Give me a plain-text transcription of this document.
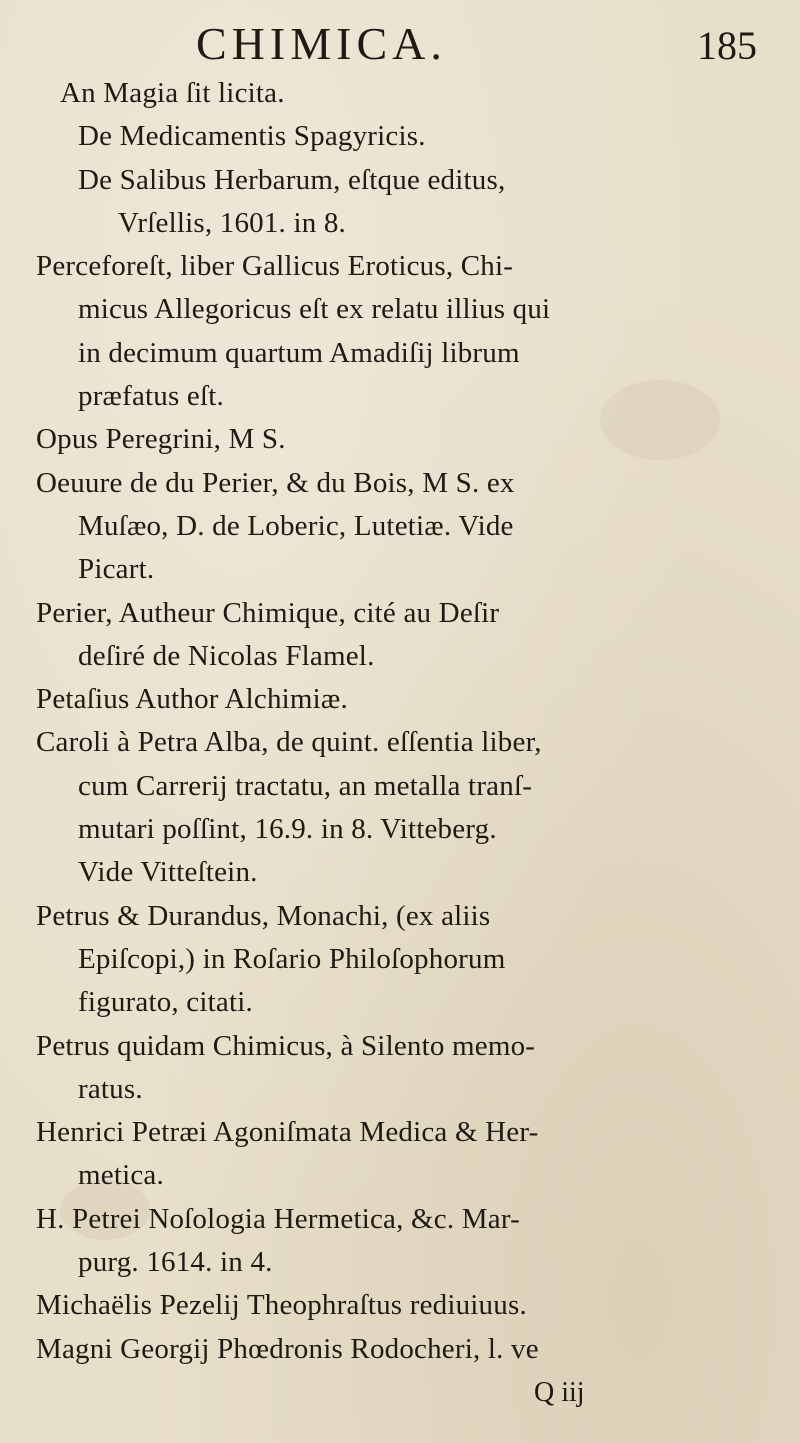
CHIMICA.	185
An Magia ſit licita.
De Medicamentis Spagyricis.
De Salibus Herbarum, eſtque editus,
Vrſellis, 1601. in 8.
Perceforeſt, liber Gallicus Eroticus, Chi-
micus Allegoricus eſt ex relatu illius qui
in decimum quartum Amadiſij librum
præfatus eſt.
Opus Peregrini, M S.
Oeuure de du Perier, & du Bois, M S. ex
Muſæo, D. de Loberic, Lutetiæ. Vide
Picart.
Perier, Autheur Chimique, cité au Deſir
deſiré de Nicolas Flamel.
Petaſius Author Alchimiæ.
Caroli à Petra Alba, de quint. eſſentia liber,
cum Carrerij tractatu, an metalla tranſ-
mutari poſſint, 16.9. in 8. Vitteberg.
Vide Vitteſtein.
Petrus & Durandus, Monachi, (ex aliis
Epiſcopi,) in Roſario Philoſophorum
figurato, citati.
Petrus quidam Chimicus, à Silento memo-
ratus.
Henrici Petræi Agoniſmata Medica & Her-
metica.
H. Petrei Noſologia Hermetica, &c. Mar-
purg. 1614. in 4.
Michaëlis Pezelij Theophraſtus rediuiuus.
Magni Georgij Phœdronis Rodocheri, l. ve
Q iij
